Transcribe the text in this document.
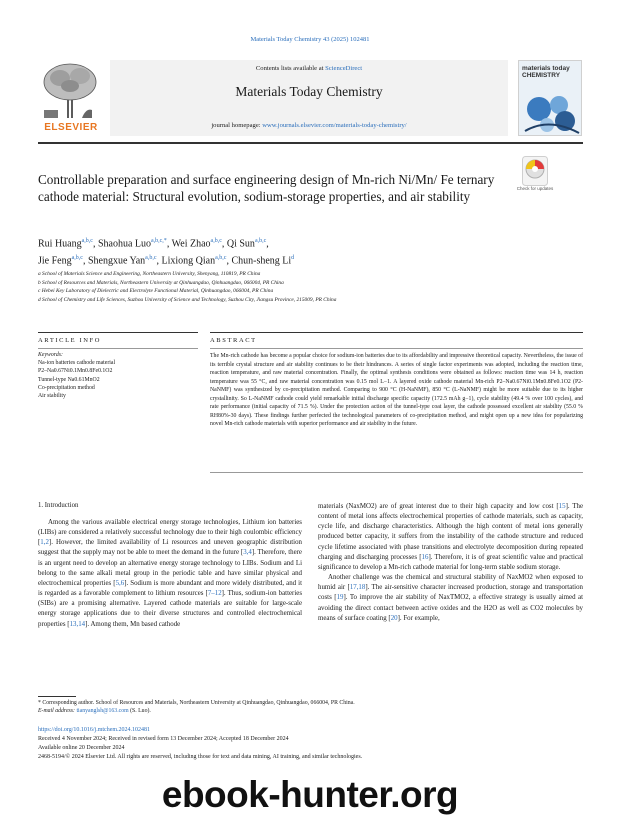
Materials Today Chemistry 43 (2025) 102481
ELSEVIER
Contents lists available at ScienceDirect
Materials Today Chemistry
journal homepage: www.journals.elsevier.com/materials-today-chemistry/
materials today CHEMISTRY
Controllable preparation and surface engineering design of Mn-rich Ni/Mn/ Fe ternary cathode material: Structural evolution, sodium-storage properties, and air stability	Check for updates
Rui Huang$^{a,b,c}$, Shaohua Luo$^{a,b,c,*}$, Wei Zhao$^{a,b,c}$, Qi Sun$^{a,b,c}$,
Jie Feng$^{a,b,c}$, Shengxue Yan$^{a,b,c}$, Lixiong Qian$^{a,b,c}$, Chun-sheng Li$^d$
a School of Materials Science and Engineering, Northeastern University, Shenyang, 110819, PR China
b School of Resources and Materials, Northeastern University at Qinhuangdao, Qinhuangdao, 066004, PR China
c Hebei Key Laboratory of Dielectric and Electrolyte Functional Material, Qinhuangdao, 066004, PR China
d School of Chemistry and Life Sciences, Suzhou University of Science and Technology, Suzhou City, Jiangsu Province, 215009, PR China
ARTICLE INFO	ABSTRACT
Keywords:
Na-ion batteries cathode material
P2–Na0.67Ni0.1Mn0.8Fe0.1O2
Tunnel-type Na0.61MnO2
Co-precipitation method
Air stability
The Mn-rich cathode has become a popular choice for sodium-ion batteries due to its affordability and impressive theoretical capacity. Nevertheless, the issue of its terrible crystal structure and air stability continues to be their hindrances. A series of single factor experiments was adopted, including the reaction time, reaction temperature, and raw material concentration. Finally, the optimal synthesis conditions were obtained as follows: reaction time was 14 h, reaction temperature was 55 °C, and raw material concentration was 0.15 mol L−1. A layered oxide cathode material Mn-rich P2–Na0.67Ni0.1Mn0.8Fe0.1O2 (P2-NaNMF) was synthesized by co-precipitation method. Comparing to 900 °C (H-NaNMF), 850 °C (L-NaNMF) might be more suitable due to its higher crystallinity. So L-NaNMF cathode could yield remarkable initial discharge specific capacity (172.5 mAh g−1), cycle stability (49.4 % over 100 cycles), and rate performance (initial capacity of 71.5 %). Under the protection action of the tunnel-type coat layer, the cathode possessed excellent air stability (55.0 % RH80%-30 days). These findings further perfected the technological parameters of co-precipitation method, and might open up a new idea for popularizing novel Mn-rich cathode materials with superior performance and air stability in the future.
1. Introduction
Among the various available electrical energy storage technologies, Lithium ion batteries (LIBs) are considered a relatively successful technology due to their high coulombic efficiency [1,2]. However, the limited availability of Li resources and uneven geographic distribution suggest that the supply may not be able to meet the demand in the future [3,4]. Therefore, there is an urgent need to develop an alternative energy storage technology to LIBs. Sodium and Li belong to the same alkali metal group in the periodic table and have similar physical and electrochemical properties [5,6]. Sodium is more abundant and more widely distributed, and it is regarded as a favorable complement to lithium resources [7–12]. Thus, sodium-ion batteries (SIBs) are a promising alternative. Layered cathode materials are suitable for large-scale energy storage applications due to their diverse structures and controlled electrochemical properties [13,14]. Among them, Mn based cathode

materials (NaxMO2) are of great interest due to their high capacity and low cost [15]. The content of metal ions affects electrochemical properties of cathode materials, such as capacity, cycle life, and discharge characteristics. Although the high content of metal ions generally produced better capacity, it suffers from the instability of the cathode structure and reduced cycle lifetime associated with phase transitions and electrolyte decomposition during repeated charging and discharging processes [16]. Therefore, it is of great scientific value and practical significance to develop a Mn-rich cathode material for long-term stable sodium storage.

Another challenge was the chemical and structural stability of NaxMO2 when exposed to humid air [17,18]. The air-sensitive character increased production, storage and transportation costs [19]. To improve the air stability of NaxTMO2, a effective strategy is usually aimed at avoiding the direct contact between active oxides and the H2O as well as CO2 molecules by means of surface coating [20]. For example,

* Corresponding author. School of Resources and Materials, Northeastern University at Qinhuangdao, Qinhuangdao, 066004, PR China.
E-mail address: tianyanglsh@163.com (S. Luo).
https://doi.org/10.1016/j.mtchem.2024.102481
Received 4 November 2024; Received in revised form 13 December 2024; Accepted 18 December 2024
Available online 20 December 2024
2468-5194/© 2024 Elsevier Ltd. All rights are reserved, including those for text and data mining, AI training, and similar technologies.
ebook-hunter.org
